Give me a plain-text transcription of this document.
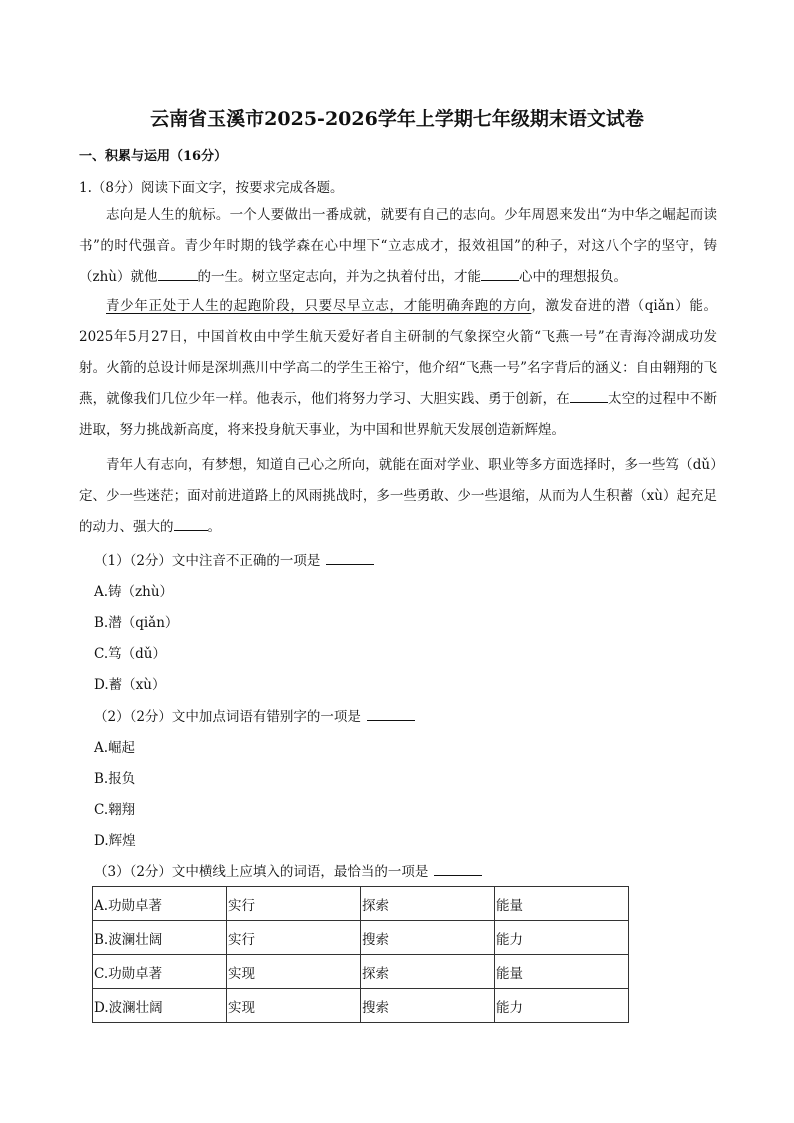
云南省玉溪市2025-2026学年上学期七年级期末语文试卷
一、积累与运用（16分）
1.（8分）阅读下面文字，按要求完成各题。
志向是人生的航标。一个人要做出一番成就，就要有自己的志向。少年周恩来发出“为中华之崛起而读书”的时代强音。青少年时期的钱学森在心中埋下“立志成才，报效祖国”的种子，对这八个字的坚守，铸（zhù）就他	的一生。树立坚定志向，并为之执着付出，才能	心中的理想报负。
青少年正处于人生的起跑阶段，只要尽早立志，才能明确奔跑的方向，激发奋进的潜（qiǎn）能。2025年5月27日，中国首枚由中学生航天爱好者自主研制的气象探空火箭“飞燕一号”在青海冷湖成功发射。火箭的总设计师是深圳燕川中学高二的学生王裕宁，他介绍“飞燕一号”名字背后的涵义：自由翱翔的飞燕，就像我们几位少年一样。他表示，他们将努力学习、大胆实践、勇于创新，在	太空的过程中不断进取，努力挑战新高度，将来投身航天事业，为中国和世界航天发展创造新辉煌。
青年人有志向，有梦想，知道自己心之所向，就能在面对学业、职业等多方面选择时，多一些笃（dǔ）定、少一些迷茫；面对前进道路上的风雨挑战时，多一些勇敢、少一些退缩，从而为人生积蓄（xù）起充足的动力、强大的	。
（1）（2分）文中注音不正确的一项是
A.铸（zhù）
B.潜（qiǎn）
C.笃（dǔ）
D.蓄（xù）
（2）（2分）文中加点词语有错别字的一项是
A.崛起
B.报负
C.翱翔
D.辉煌
（3）（2分）文中横线上应填入的词语，最恰当的一项是
A.功勋卓著	实行	探索	能量
B.波澜壮阔	实行	搜索	能力
C.功勋卓著	实现	探索	能量
D.波澜壮阔	实现	搜索	能力
